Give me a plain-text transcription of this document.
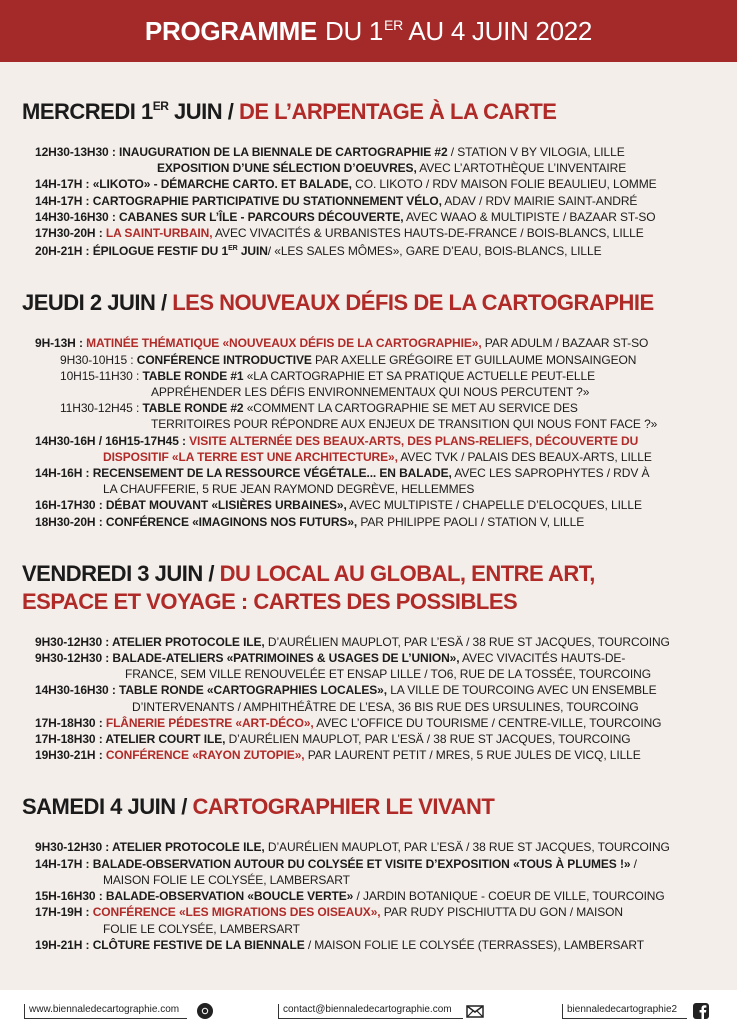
PROGRAMME DU 1ER AU 4 JUIN 2022
MERCREDI 1ER JUIN / DE L’ARPENTAGE À LA CARTE
12H30-13H30 : INAUGURATION DE LA BIENNALE DE CARTOGRAPHIE #2 / STATION V BY VILOGIA, LILLE
EXPOSITION D’UNE SÉLECTION D’OEUVRES, AVEC L’ARTOTHÈQUE L’INVENTAIRE
14H-17H : «LIKOTO» - DÉMARCHE CARTO. ET BALADE, CO. LIKOTO / RDV MAISON FOLIE BEAULIEU, LOMME
14H-17H : CARTOGRAPHIE PARTICIPATIVE DU STATIONNEMENT VÉLO, ADAV / RDV MAIRIE SAINT-ANDRÉ
14H30-16H30 : CABANES SUR L’ÎLE - PARCOURS DÉCOUVERTE, AVEC WAAO & MULTIPISTE / BAZAAR ST-SO
17H30-20H : LA SAINT-URBAIN, AVEC VIVACITÉS & URBANISTES HAUTS-DE-FRANCE / BOIS-BLANCS, LILLE
20H-21H : ÉPILOGUE FESTIF DU 1ER JUIN/ «LES SALES MÔMES», GARE D’EAU, BOIS-BLANCS, LILLE
JEUDI 2 JUIN / LES NOUVEAUX DÉFIS DE LA CARTOGRAPHIE
9H-13H : MATINÉE THÉMATIQUE «NOUVEAUX DÉFIS DE LA CARTOGRAPHIE», PAR ADULM / BAZAAR ST-SO
9H30-10H15 : CONFÉRENCE INTRODUCTIVE PAR AXELLE GRÉGOIRE ET GUILLAUME MONSAINGEON
10H15-11H30 : TABLE RONDE #1 «LA CARTOGRAPHIE ET SA PRATIQUE ACTUELLE PEUT-ELLE
APPRÉHENDER LES DÉFIS ENVIRONNEMENTAUX QUI NOUS PERCUTENT ?»
11H30-12H45 : TABLE RONDE #2 «COMMENT LA CARTOGRAPHIE SE MET AU SERVICE DES
TERRITOIRES POUR RÉPONDRE AUX ENJEUX DE TRANSITION QUI NOUS FONT FACE ?»
14H30-16H / 16H15-17H45 : VISITE ALTERNÉE DES BEAUX-ARTS, DES PLANS-RELIEFS, DÉCOUVERTE DU
DISPOSITIF «LA TERRE EST UNE ARCHITECTURE», AVEC TVK / PALAIS DES BEAUX-ARTS, LILLE
14H-16H : RECENSEMENT DE LA RESSOURCE VÉGÉTALE... EN BALADE, AVEC LES SAPROPHYTES / RDV À
LA CHAUFFERIE, 5 RUE JEAN RAYMOND DEGRÈVE, HELLEMMES
16H-17H30 : DÉBAT MOUVANT «LISIÈRES URBAINES», AVEC MULTIPISTE / CHAPELLE D’ELOCQUES, LILLE
18H30-20H : CONFÉRENCE «IMAGINONS NOS FUTURS», PAR PHILIPPE PAOLI / STATION V, LILLE
VENDREDI 3 JUIN / DU LOCAL AU GLOBAL, ENTRE ART,
ESPACE ET VOYAGE : CARTES DES POSSIBLES
9H30-12H30 : ATELIER PROTOCOLE ILE, D’AURÉLIEN MAUPLOT, PAR L’ESÄ / 38 RUE ST JACQUES, TOURCOING
9H30-12H30 : BALADE-ATELIERS «PATRIMOINES & USAGES DE L’UNION», AVEC VIVACITÉS HAUTS-DE-
FRANCE, SEM VILLE RENOUVELÉE ET ENSAP LILLE / TO6, RUE DE LA TOSSÉE, TOURCOING
14H30-16H30 : TABLE RONDE «CARTOGRAPHIES LOCALES», LA VILLE DE TOURCOING AVEC UN ENSEMBLE
D’INTERVENANTS / AMPHITHÉÂTRE DE L’ESA, 36 BIS RUE DES URSULINES, TOURCOING
17H-18H30 : FLÂNERIE PÉDESTRE «ART-DÉCO», AVEC L’OFFICE DU TOURISME / CENTRE-VILLE, TOURCOING
17H-18H30 : ATELIER COURT ILE, D’AURÉLIEN MAUPLOT, PAR L’ESÄ / 38 RUE ST JACQUES, TOURCOING
19H30-21H : CONFÉRENCE «RAYON ZUTOPIE», PAR LAURENT PETIT / MRES, 5 RUE JULES DE VICQ, LILLE
SAMEDI 4 JUIN / CARTOGRAPHIER LE VIVANT
9H30-12H30 : ATELIER PROTOCOLE ILE, D’AURÉLIEN MAUPLOT, PAR L’ESÄ / 38 RUE ST JACQUES, TOURCOING
14H-17H : BALADE-OBSERVATION AUTOUR DU COLYSÉE ET VISITE D’EXPOSITION «TOUS À PLUMES !» /
MAISON FOLIE LE COLYSÉE, LAMBERSART
15H-16H30 : BALADE-OBSERVATION «BOUCLE VERTE» / JARDIN BOTANIQUE - COEUR DE VILLE, TOURCOING
17H-19H : CONFÉRENCE «LES MIGRATIONS DES OISEAUX», PAR RUDY PISCHIUTTA DU GON / MAISON
FOLIE LE COLYSÉE, LAMBERSART
19H-21H : CLÔTURE FESTIVE DE LA BIENNALE / MAISON FOLIE LE COLYSÉE (TERRASSES), LAMBERSART
www.biennaledecartographie.com	contact@biennaledecartographie.com	biennaledecartographie2
